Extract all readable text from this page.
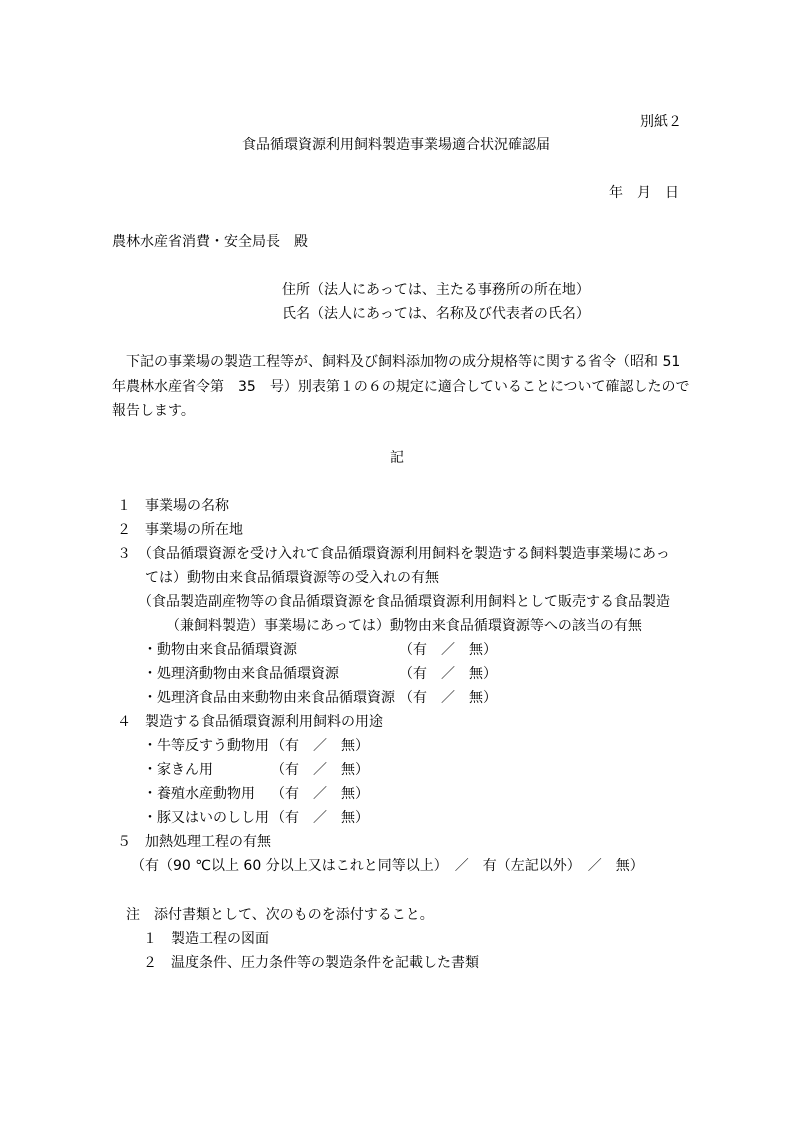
別紙２
食品循環資源利用飼料製造事業場適合状況確認届
年　月　日
農林水産省消費・安全局長　殿
住所（法人にあっては、主たる事務所の所在地）
氏名（法人にあっては、名称及び代表者の氏名）
　下記の事業場の製造工程等が、飼料及び飼料添加物の成分規格等に関する省令（昭和 51
年農林水産省令第　35　号）別表第１の６の規定に適合していることについて確認したので
報告します。
記
１　事業場の名称
２　事業場の所在地
３　（食品循環資源を受け入れて食品循環資源利用飼料を製造する飼料製造事業場にあっ
　　ては）動物由来食品循環資源等の受入れの有無
　　（食品製造副産物等の食品循環資源を食品循環資源利用飼料として販売する食品製造
　　　　（兼飼料製造）事業場にあっては）動物由来食品循環資源等への該当の有無
・動物由来食品循環資源	（有　／　無）
・処理済動物由来食品循環資源	（有　／　無）
・処理済食品由来動物由来食品循環資源 （有　／　無）
４　製造する食品循環資源利用飼料の用途
・牛等反すう動物用 （有　／　無）
・家きん用	（有　／　無）
・養殖水産動物用 （有　／　無）
・豚又はいのしし用 （有　／　無）
５　加熱処理工程の有無
（有（90 ℃以上 60 分以上又はこれと同等以上）　／　有（左記以外）　／　無）
注　添付書類として、次のものを添付すること。
１　製造工程の図面
２　温度条件、圧力条件等の製造条件を記載した書類
